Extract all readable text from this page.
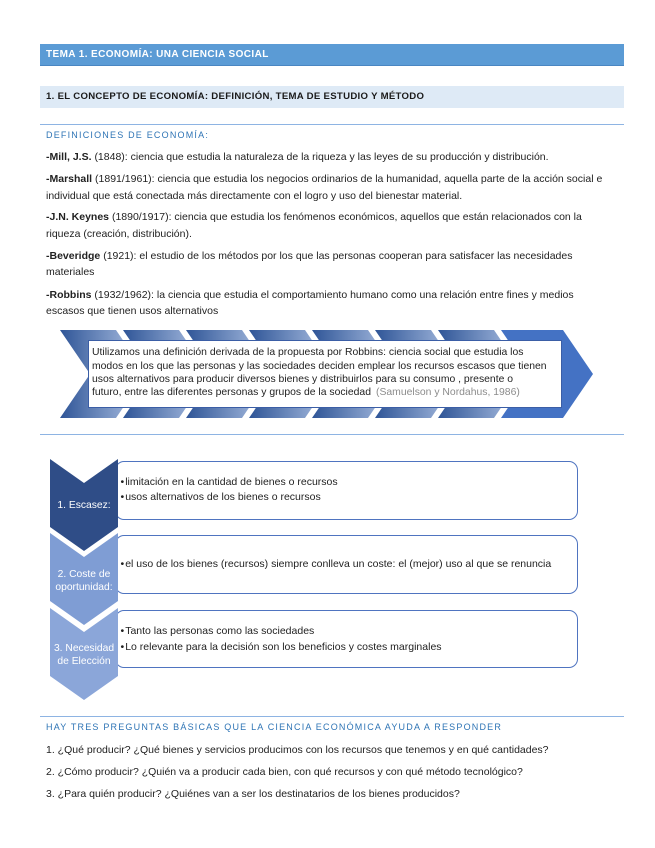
TEMA 1. ECONOMÍA: UNA CIENCIA SOCIAL
1. EL CONCEPTO DE ECONOMÍA: DEFINICIÓN, TEMA DE ESTUDIO Y MÉTODO
DEFINICIONES DE ECONOMÍA:
-Mill, J.S. (1848): ciencia que estudia la naturaleza de la riqueza y las leyes de su producción y distribución.
-Marshall (1891/1961): ciencia que estudia los negocios ordinarios de la humanidad, aquella parte de la acción social e
individual que está conectada más directamente con el logro y uso del bienestar material.
-J.N. Keynes (1890/1917): ciencia que estudia los fenómenos económicos, aquellos que están relacionados con la
riqueza (creación, distribución).
-Beveridge (1921): el estudio de los métodos por los que las personas cooperan para satisfacer las necesidades
materiales
-Robbins (1932/1962): la ciencia que estudia el comportamiento humano como una relación entre fines y medios
escasos que tienen usos alternativos
Utilizamos una definición derivada de la propuesta por Robbins: ciencia social que estudia los
modos en los que las personas y las sociedades deciden emplear los recursos escasos que tienen
usos alternativos para producir diversos bienes y distribuirlos para su consumo , presente o
futuro, entre las diferentes personas y grupos de la sociedad (Samuelson y Nordahus, 1986)
• limitación en la cantidad de bienes o recursos
• usos alternativos de los bienes o recursos
1. Escasez:
• el uso de los bienes (recursos) siempre conlleva un coste: el (mejor) uso al que se renuncia
2. Coste de
oportunidad:
• Tanto las personas como las sociedades
• Lo relevante para la decisión son los beneficios y costes marginales
3. Necesidad
de Elección
HAY TRES PREGUNTAS BÁSICAS QUE LA CIENCIA ECONÓMICA AYUDA A RESPONDER
1. ¿Qué producir? ¿Qué bienes y servicios producimos con los recursos que tenemos y en qué cantidades?
2. ¿Cómo producir? ¿Quién va a producir cada bien, con qué recursos y con qué método tecnológico?
3. ¿Para quién producir? ¿Quiénes van a ser los destinatarios de los bienes producidos?
